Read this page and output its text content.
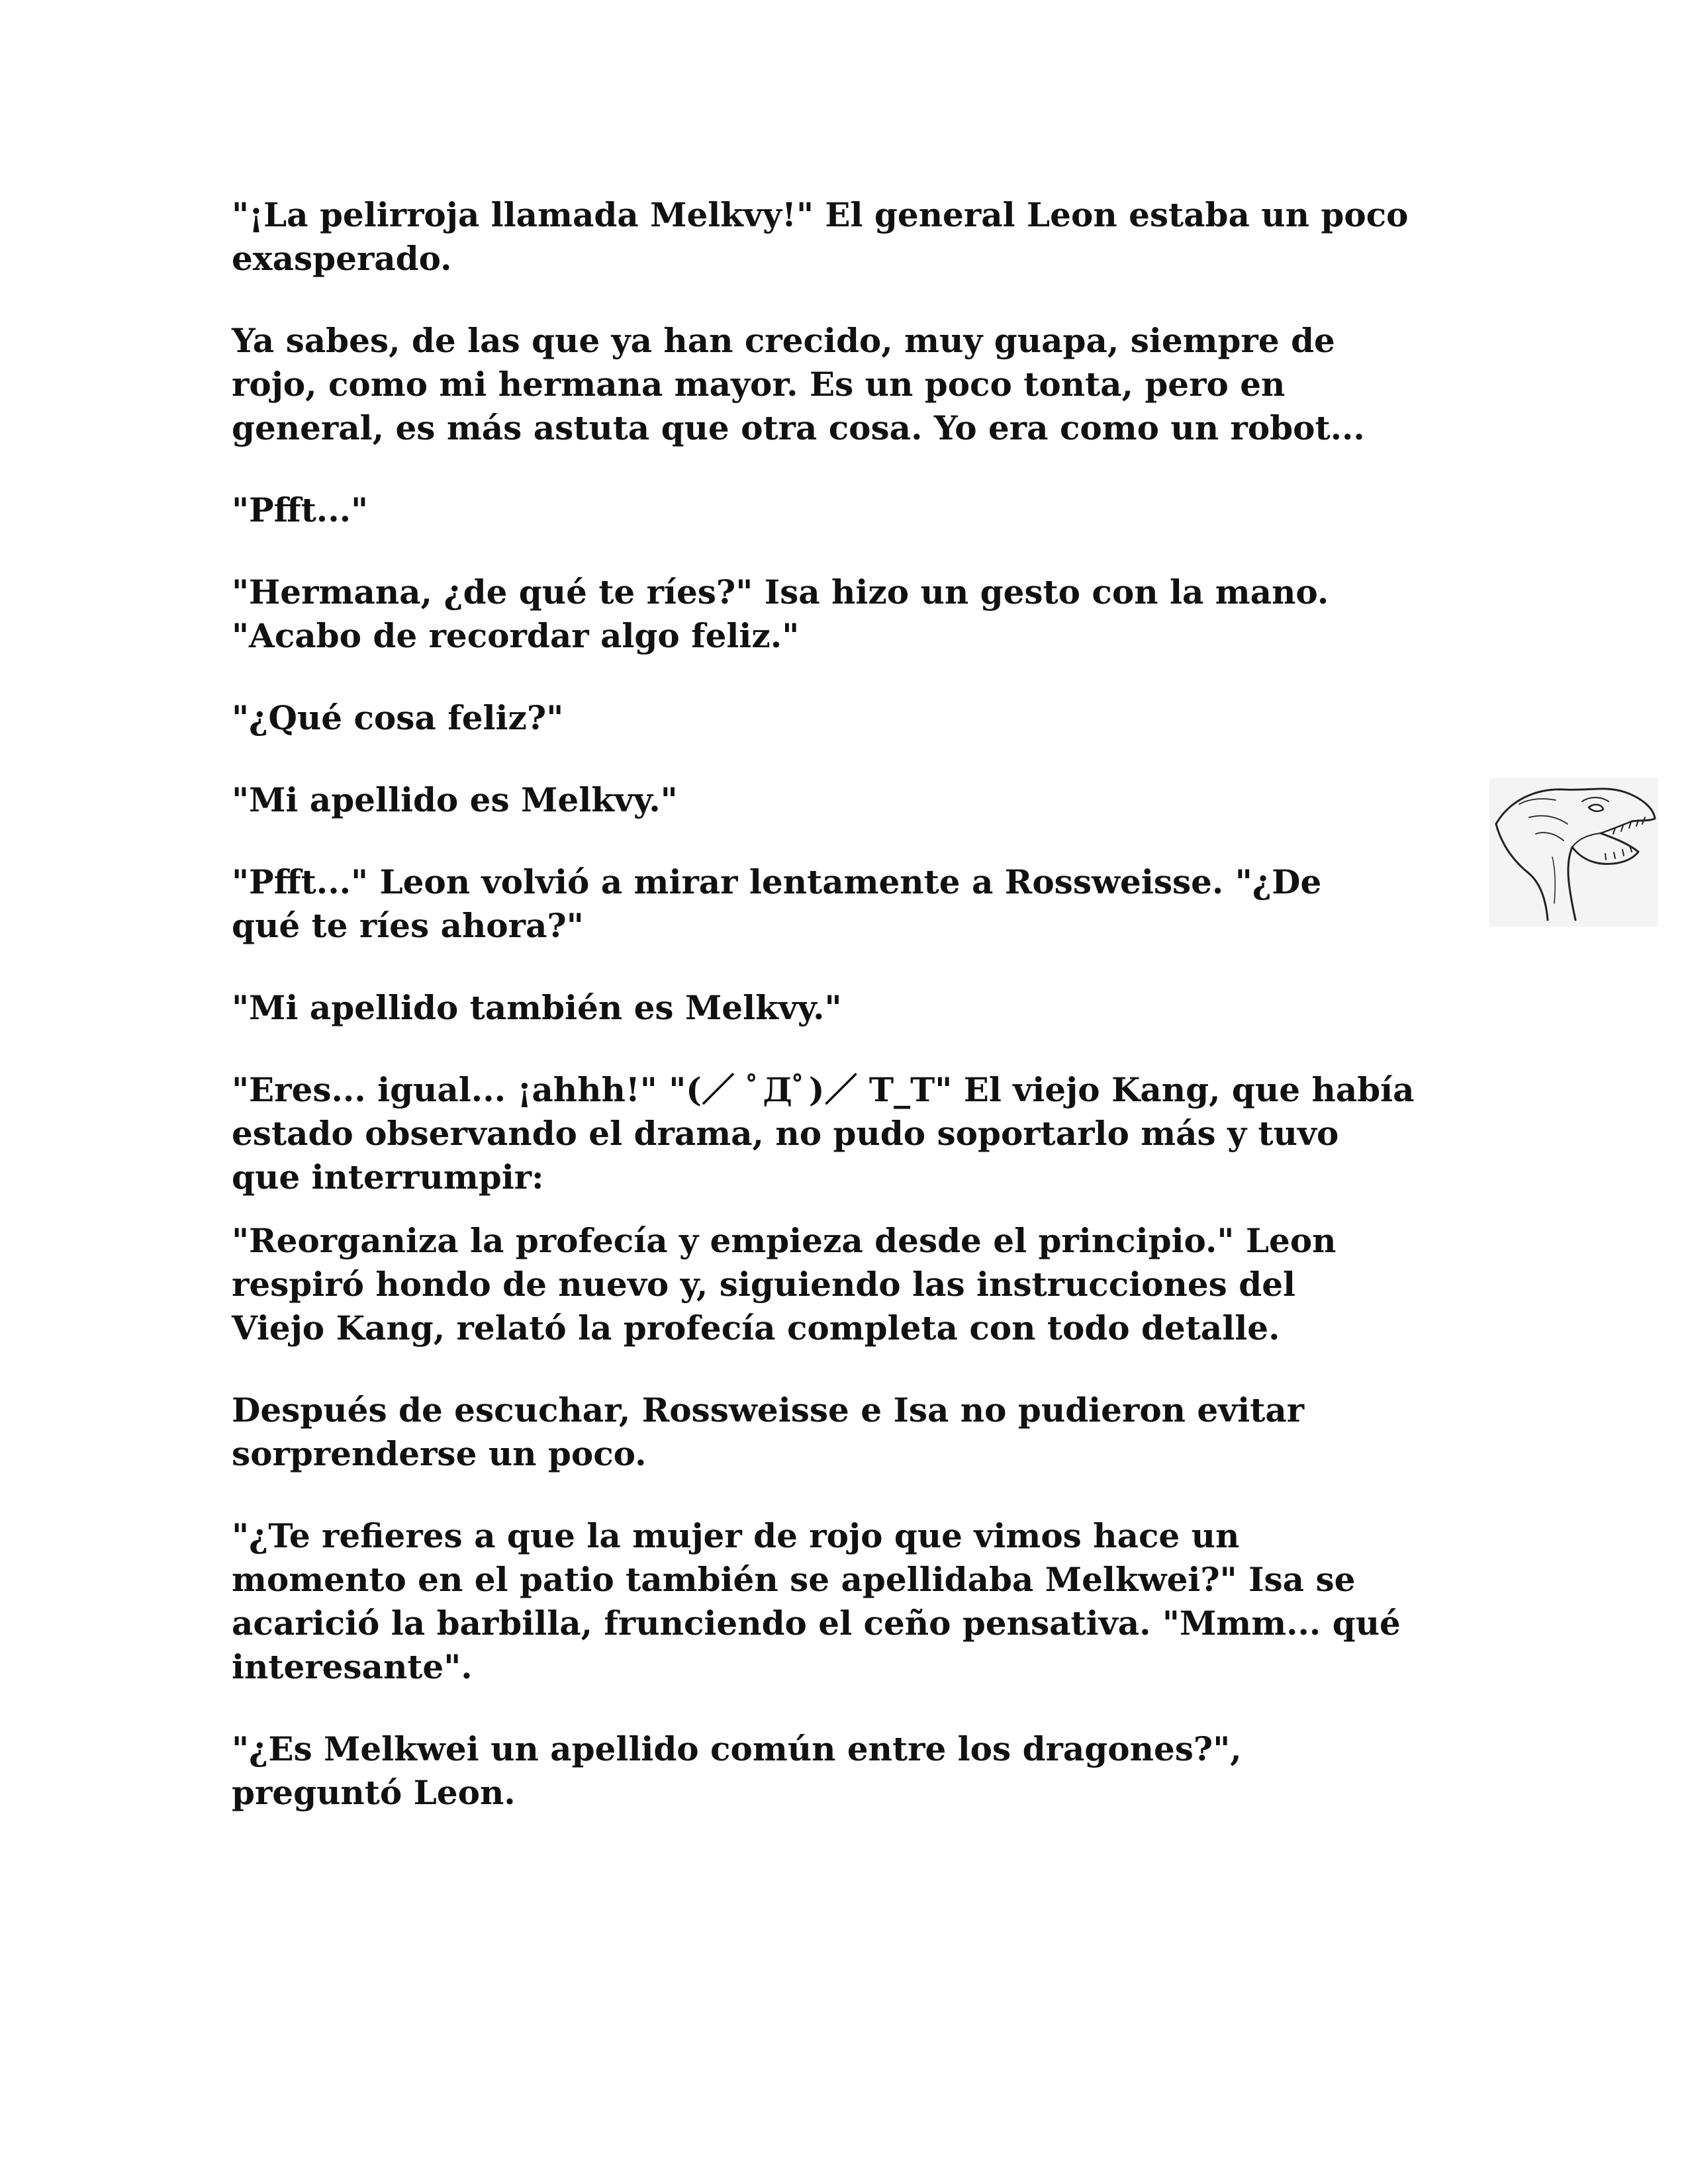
"¡La pelirroja llamada Melkvy!" El general Leon estaba un poco
exasperado.

Ya sabes, de las que ya han crecido, muy guapa, siempre de
rojo, como mi hermana mayor. Es un poco tonta, pero en
general, es más astuta que otra cosa. Yo era como un robot...

"Pfft..."

"Hermana, ¿de qué te ríes?" Isa hizo un gesto con la mano.
"Acabo de recordar algo feliz."

"¿Qué cosa feliz?"

"Mi apellido es Melkvy."

"Pfft..." Leon volvió a mirar lentamente a Rossweisse. "¿De
qué te ríes ahora?"

"Mi apellido también es Melkvy."

"Eres... igual... ¡ahhh!" "(／ ﾟДﾟ)／ T_T" El viejo Kang, que había
estado observando el drama, no pudo soportarlo más y tuvo
que interrumpir:

"Reorganiza la profecía y empieza desde el principio." Leon
respiró hondo de nuevo y, siguiendo las instrucciones del
Viejo Kang, relató la profecía completa con todo detalle.

Después de escuchar, Rossweisse e Isa no pudieron evitar
sorprenderse un poco.

"¿Te refieres a que la mujer de rojo que vimos hace un
momento en el patio también se apellidaba Melkwei?" Isa se
acarició la barbilla, frunciendo el ceño pensativa. "Mmm... qué
interesante".

"¿Es Melkwei un apellido común entre los dragones?",
preguntó Leon.
